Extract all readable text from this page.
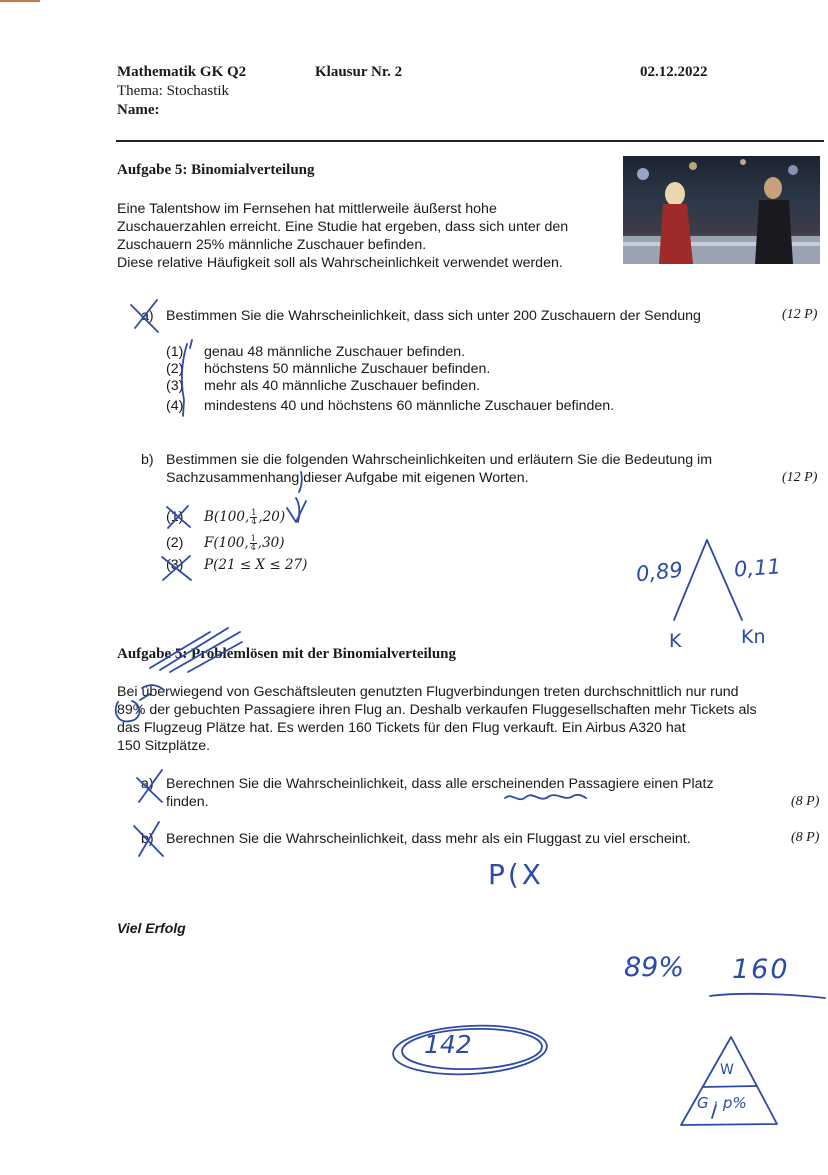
Mathematik GK Q2	Klausur Nr. 2	02.12.2022
Thema: Stochastik
Name:
Aufgabe 5: Binomialverteilung
Eine Talentshow im Fernsehen hat mittlerweile äußerst hohe
Zuschauerzahlen erreicht. Eine Studie hat ergeben, dass sich unter den
Zuschauern 25% männliche Zuschauer befinden.
Diese relative Häufigkeit soll als Wahrscheinlichkeit verwendet werden.
a) Bestimmen Sie die Wahrscheinlichkeit, dass sich unter 200 Zuschauern der Sendung	(12 P)
(1) genau 48 männliche Zuschauer befinden.
(2) höchstens 50 männliche Zuschauer befinden.
(3) mehr als 40 männliche Zuschauer befinden.
(4) mindestens 40 und höchstens 60 männliche Zuschauer befinden.
b) Bestimmen sie die folgenden Wahrscheinlichkeiten und erläutern Sie die Bedeutung im
Sachzusammenhang dieser Aufgabe mit eigenen Worten.	(12 P)
(1) B(100, $\frac{1}{4} ,20$)
(2) F(100, $\frac{1}{4} ,30$)
(3) P(21 ≤ X ≤ 27)
Aufgabe 5: Problemlösen mit der Binomialverteilung
Bei überwiegend von Geschäftsleuten genutzten Flugverbindungen treten durchschnittlich nur rund
89% der gebuchten Passagiere ihren Flug an. Deshalb verkaufen Fluggesellschaften mehr Tickets als
das Flugzeug Plätze hat. Es werden 160 Tickets für den Flug verkauft. Ein Airbus A320 hat
150 Sitzplätze.
a) Berechnen Sie die Wahrscheinlichkeit, dass alle erscheinenden Passagiere einen Platz
finden.	(8 P)
b) Berechnen Sie die Wahrscheinlichkeit, dass mehr als ein Fluggast zu viel erscheint.	(8 P)
Viel Erfolg
0,89 0,11
K	Kn
P(X
89% 160
142
W
G · p%
